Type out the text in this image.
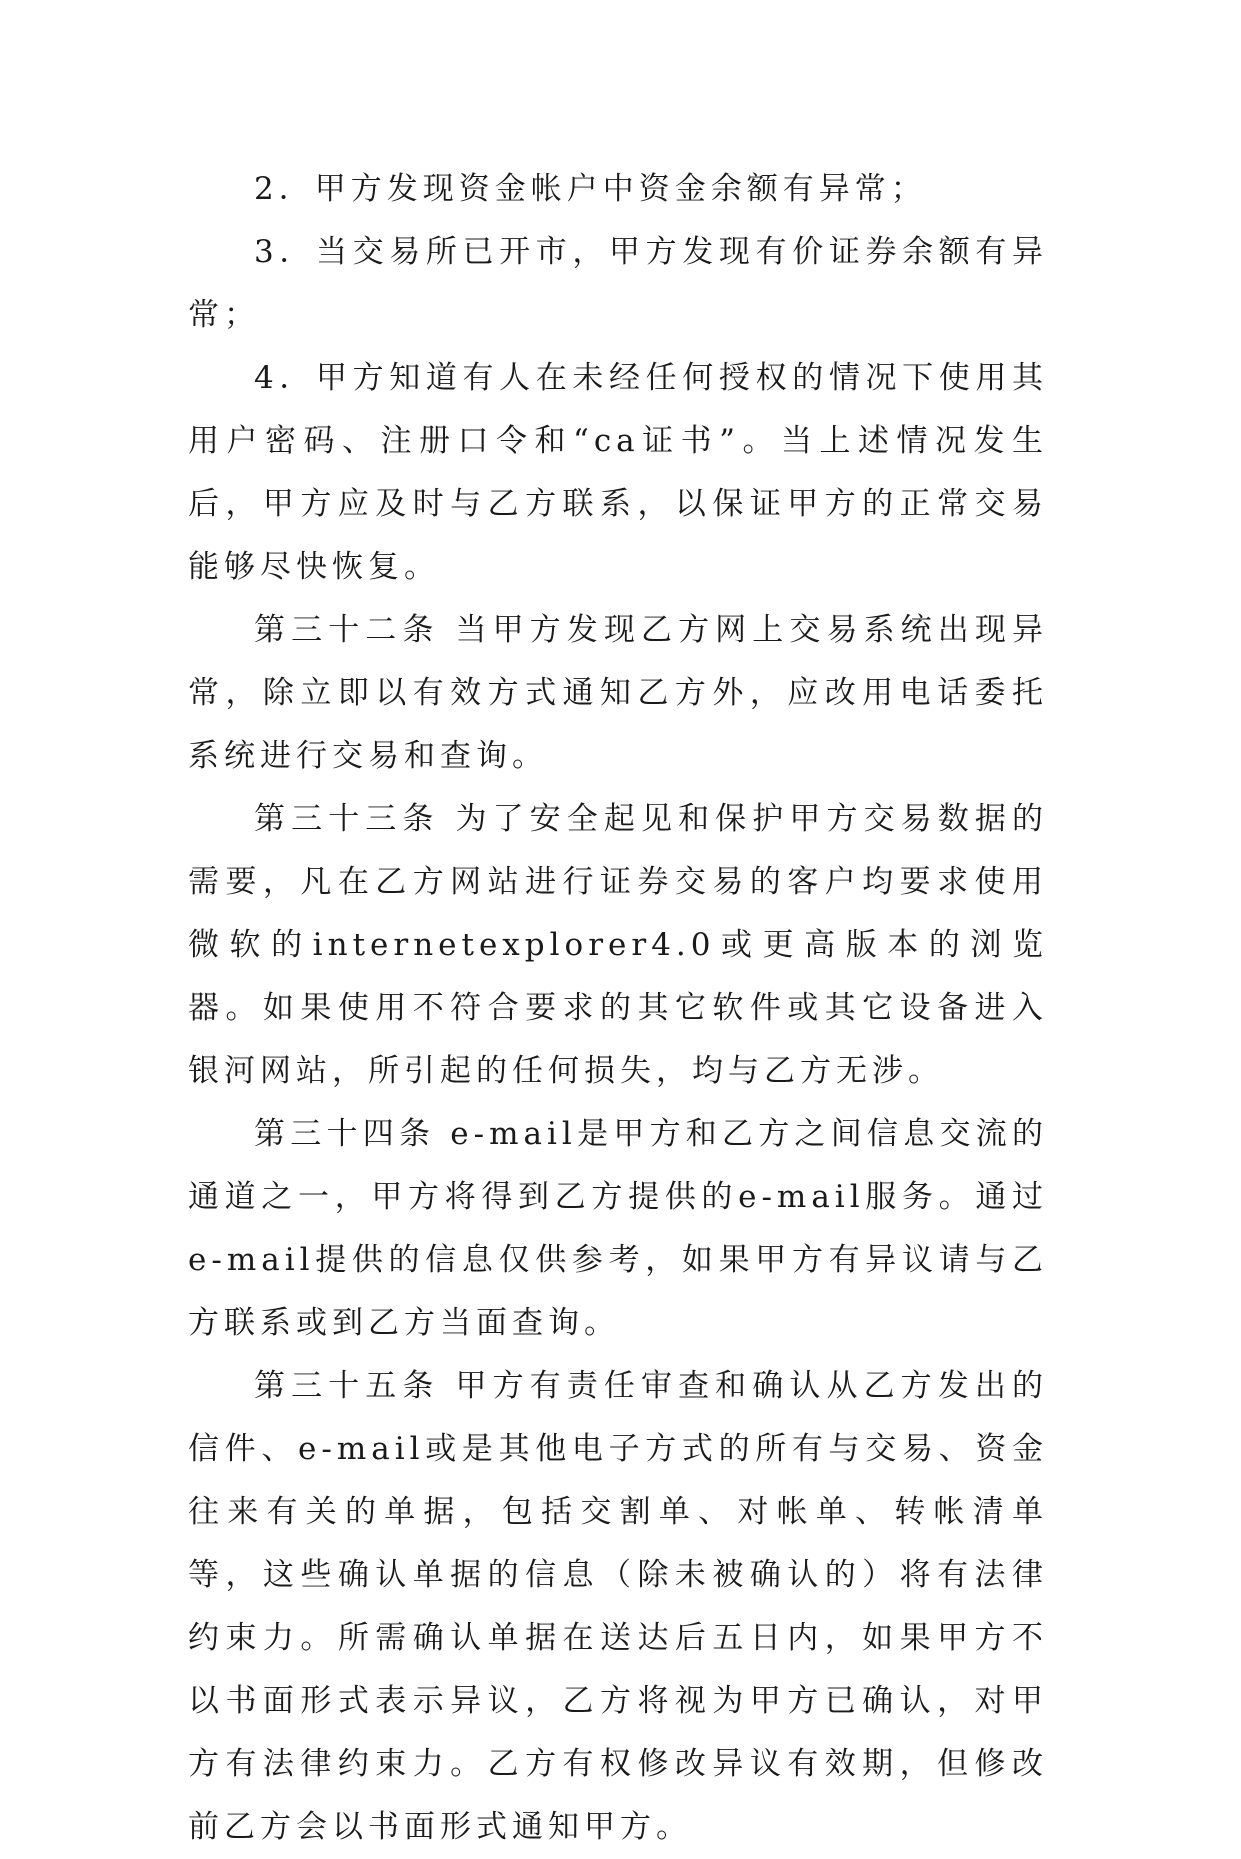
2．甲方发现资金帐户中资金余额有异常；

3．当交易所已开市，甲方发现有价证券余额有异常；

4．甲方知道有人在未经任何授权的情况下使用其用户密码、注册口令和“ca证书”。当上述情况发生后，甲方应及时与乙方联系，以保证甲方的正常交易能够尽快恢复。

第三十二条 当甲方发现乙方网上交易系统出现异常，除立即以有效方式通知乙方外，应改用电话委托系统进行交易和查询。

第三十三条 为了安全起见和保护甲方交易数据的需要，凡在乙方网站进行证券交易的客户均要求使用微软的internetexplorer4.0或更高版本的浏览器。如果使用不符合要求的其它软件或其它设备进入银河网站，所引起的任何损失，均与乙方无涉。

第三十四条 e-mail是甲方和乙方之间信息交流的通道之一，甲方将得到乙方提供的e-mail服务。通过e-mail提供的信息仅供参考，如果甲方有异议请与乙方联系或到乙方当面查询。

第三十五条 甲方有责任审查和确认从乙方发出的信件、e-mail或是其他电子方式的所有与交易、资金往来有关的单据，包括交割单、对帐单、转帐清单等，这些确认单据的信息（除未被确认的）将有法律约束力。所需确认单据在送达后五日内，如果甲方不以书面形式表示异议，乙方将视为甲方已确认，对甲方有法律约束力。乙方有权修改异议有效期，但修改前乙方会以书面形式通知甲方。
